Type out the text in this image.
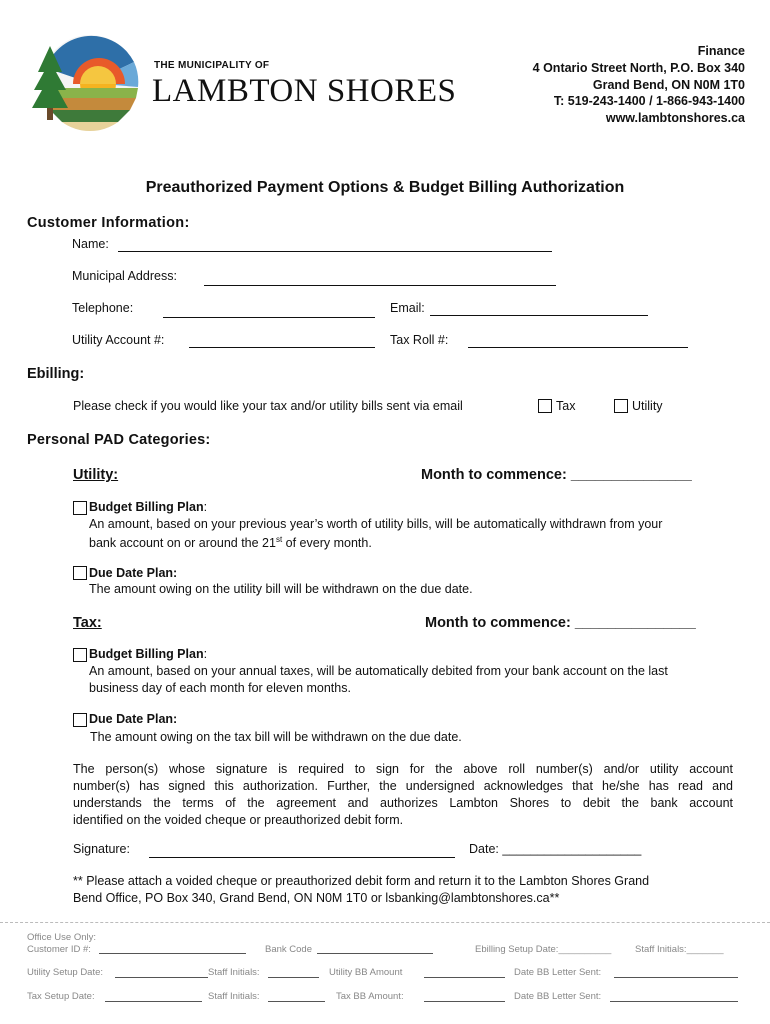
THE MUNICIPALITY OF
LAMBTON SHORES
Finance
4 Ontario Street North, P.O. Box 340
Grand Bend, ON N0M 1T0
T: 519-243-1400 / 1-866-943-1400
www.lambtonshores.ca
Preauthorized Payment Options & Budget Billing Authorization
Customer Information:
Name:
Municipal Address:
Telephone:	Email:
Utility Account #:	Tax Roll #:
Ebilling:
Please check if you would like your tax and/or utility bills sent via email	Tax	Utility
Personal PAD Categories:
Utility:	Month to commence: _______________
Budget Billing Plan:
An amount, based on your previous year’s worth of utility bills, will be automatically withdrawn from your
bank account on or around the 21st of every month.
Due Date Plan:
The amount owing on the utility bill will be withdrawn on the due date.
Tax:	Month to commence: _______________
Budget Billing Plan:
An amount, based on your annual taxes, will be automatically debited from your bank account on the last
business day of each month for eleven months.
Due Date Plan:
The amount owing on the tax bill will be withdrawn on the due date.
The person(s) whose signature is required to sign for the above roll number(s) and/or utility account
number(s) has signed this authorization. Further, the undersigned acknowledges that he/she has read and
understands the terms of the agreement and authorizes Lambton Shores to debit the bank account
identified on the voided cheque or preauthorized debit form.
Signature:	Date: ____________________
** Please attach a voided cheque or preauthorized debit form and return it to the Lambton Shores Grand
Bend Office, PO Box 340, Grand Bend, ON N0M 1T0 or lsbanking@lambtonshores.ca**
Office Use Only:
Customer ID #:	Bank Code	Ebilling Setup Date:__________ Staff Initials:_______
Utility Setup Date:	Staff Initials:	Utility BB Amount	Date BB Letter Sent:
Tax Setup Date:	Staff Initials:	Tax BB Amount:	Date BB Letter Sent:
